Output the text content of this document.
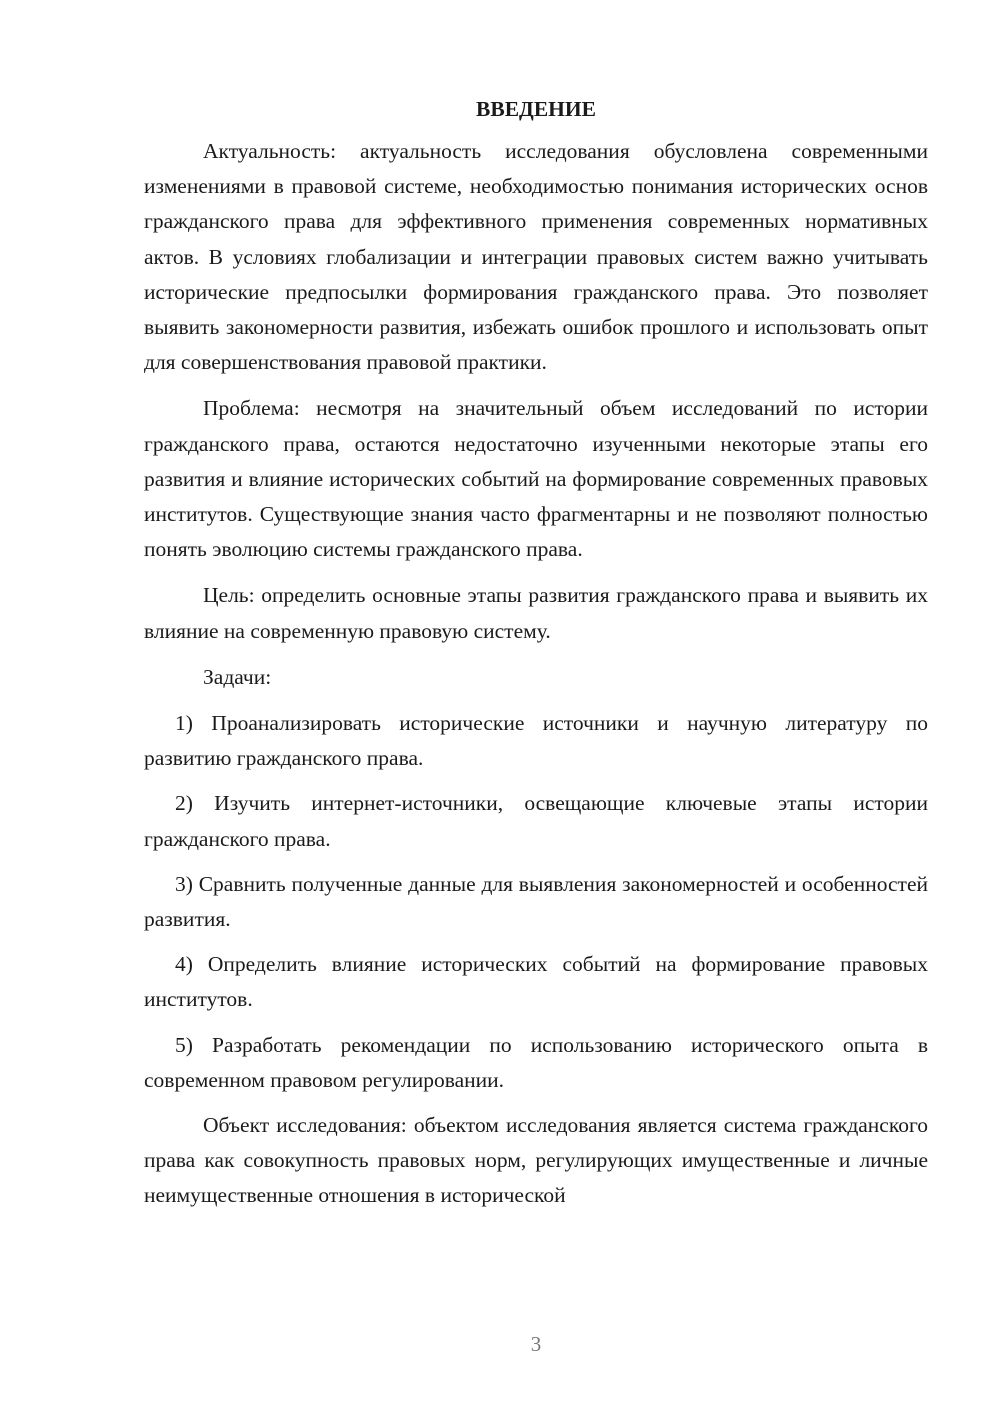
ВВЕДЕНИЕ

Актуальность: актуальность исследования обусловлена современными изменениями в правовой системе, необходимостью понимания исторических основ гражданского права для эффективного применения современных нормативных актов. В условиях глобализации и интеграции правовых систем важно учитывать исторические предпосылки формирования гражданского права. Это позволяет выявить закономерности развития, избежать ошибок прошлого и использовать опыт для совершенствования правовой практики.

Проблема: несмотря на значительный объем исследований по истории гражданского права, остаются недостаточно изученными некоторые этапы его развития и влияние исторических событий на формирование современных правовых институтов. Существующие знания часто фрагментарны и не позволяют полностью понять эволюцию системы гражданского права.

Цель: определить основные этапы развития гражданского права и выявить их влияние на современную правовую систему.

Задачи:

1) Проанализировать исторические источники и научную литературу по развитию гражданского права.

2) Изучить интернет-источники, освещающие ключевые этапы истории гражданского права.

3) Сравнить полученные данные для выявления закономерностей и особенностей развития.

4) Определить влияние исторических событий на формирование правовых институтов.

5) Разработать рекомендации по использованию исторического опыта в современном правовом регулировании.

Объект исследования: объектом исследования является система гражданского права как совокупность правовых норм, регулирующих имущественные и личные неимущественные отношения в исторической

3
